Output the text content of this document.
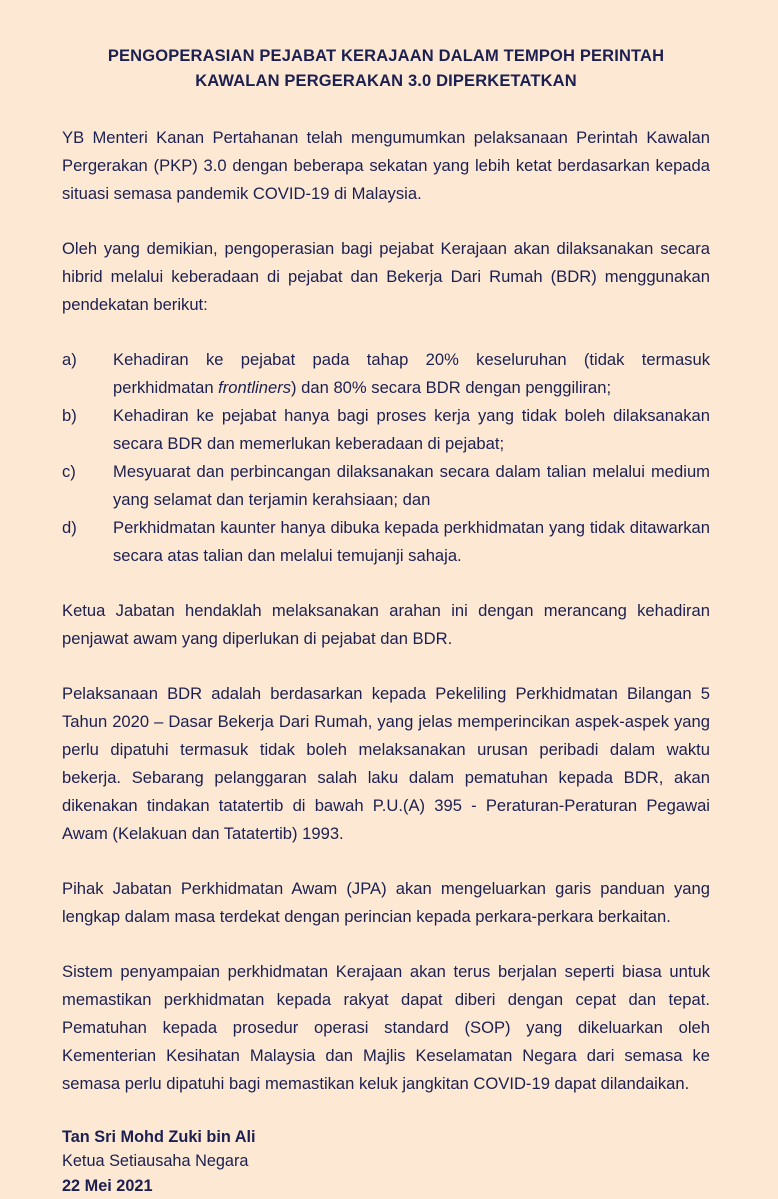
PENGOPERASIAN PEJABAT KERAJAAN DALAM TEMPOH PERINTAH
KAWALAN PERGERAKAN 3.0 DIPERKETATKAN

YB Menteri Kanan Pertahanan telah mengumumkan pelaksanaan Perintah Kawalan Pergerakan (PKP) 3.0 dengan beberapa sekatan yang lebih ketat berdasarkan kepada situasi semasa pandemik COVID-19 di Malaysia.

Oleh yang demikian, pengoperasian bagi pejabat Kerajaan akan dilaksanakan secara hibrid melalui keberadaan di pejabat dan Bekerja Dari Rumah (BDR) menggunakan pendekatan berikut:

a)	Kehadiran ke pejabat pada tahap 20% keseluruhan (tidak termasuk perkhidmatan frontliners) dan 80% secara BDR dengan penggiliran;
b)	Kehadiran ke pejabat hanya bagi proses kerja yang tidak boleh dilaksanakan secara BDR dan memerlukan keberadaan di pejabat;
c)	Mesyuarat dan perbincangan dilaksanakan secara dalam talian melalui medium yang selamat dan terjamin kerahsiaan; dan
d)	Perkhidmatan kaunter hanya dibuka kepada perkhidmatan yang tidak ditawarkan secara atas talian dan melalui temujanji sahaja.

Ketua Jabatan hendaklah melaksanakan arahan ini dengan merancang kehadiran penjawat awam yang diperlukan di pejabat dan BDR.

Pelaksanaan BDR adalah berdasarkan kepada Pekeliling Perkhidmatan Bilangan 5 Tahun 2020 – Dasar Bekerja Dari Rumah, yang jelas memperincikan aspek-aspek yang perlu dipatuhi termasuk tidak boleh melaksanakan urusan peribadi dalam waktu bekerja. Sebarang pelanggaran salah laku dalam pematuhan kepada BDR, akan dikenakan tindakan tatatertib di bawah P.U.(A) 395 - Peraturan-Peraturan Pegawai Awam (Kelakuan dan Tatatertib) 1993.

Pihak Jabatan Perkhidmatan Awam (JPA) akan mengeluarkan garis panduan yang lengkap dalam masa terdekat dengan perincian kepada perkara-perkara berkaitan.

Sistem penyampaian perkhidmatan Kerajaan akan terus berjalan seperti biasa untuk memastikan perkhidmatan kepada rakyat dapat diberi dengan cepat dan tepat. Pematuhan kepada prosedur operasi standard (SOP) yang dikeluarkan oleh Kementerian Kesihatan Malaysia dan Majlis Keselamatan Negara dari semasa ke semasa perlu dipatuhi bagi memastikan keluk jangkitan COVID-19 dapat dilandaikan.

Tan Sri Mohd Zuki bin Ali
Ketua Setiausaha Negara
22 Mei 2021
